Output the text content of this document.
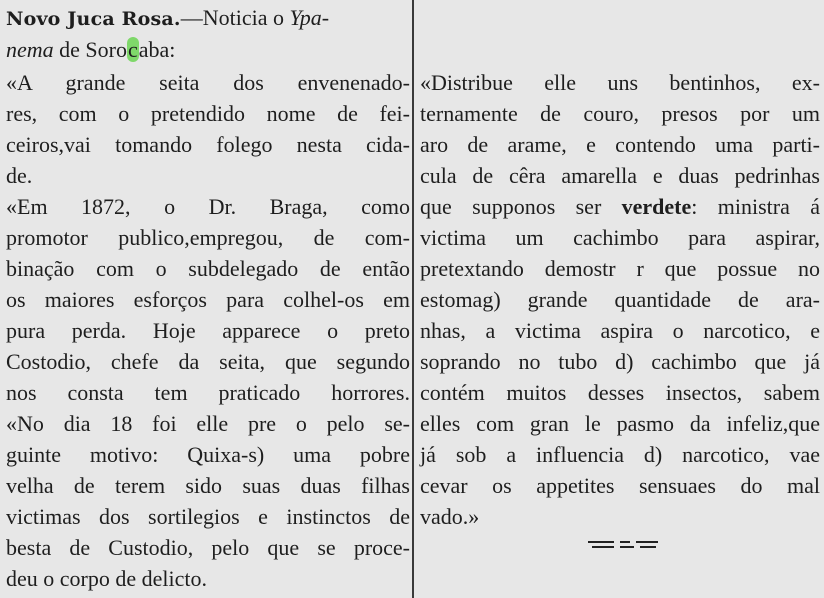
Novo Juca Rosa.—Noticia o Ypa-
nema de Sorocaba:
«A grande seita dos envenenado-
res, com o pretendido nome de fei-
ceiros,vai tomando folego nesta cida-
de.
«Em 1872, o Dr. Braga, como
promotor publico,empregou, de com-
binação com o subdelegado de então
os maiores esforços para colhel-os em
pura perda. Hoje apparece o preto
Costodio, chefe da seita, que segundo
nos consta tem praticado horrores.
«No dia 18 foi elle pre o pelo se-
guinte motivo: Quixa-s) uma pobre
velha de terem sido suas duas filhas
victimas dos sortilegios e instinctos de
besta de Custodio, pelo que se proce-
deu o corpo de delicto.
«Distribue elle uns bentinhos, ex-
ternamente de couro, presos por um
aro de arame, e contendo uma parti-
cula de cêra amarella e duas pedrinhas
que supponos ser verdete: ministra á
victima um cachimbo para aspirar,
pretextando demostr r que possue no
estomag) grande quantidade de ara-
nhas, a victima aspira o narcotico, e
soprando no tubo d) cachimbo que já
contém muitos desses insectos, sabem
elles com gran le pasmo da infeliz,que
já sob a influencia d) narcotico, vae
cevar os appetites sensuaes do mal
vado.»
